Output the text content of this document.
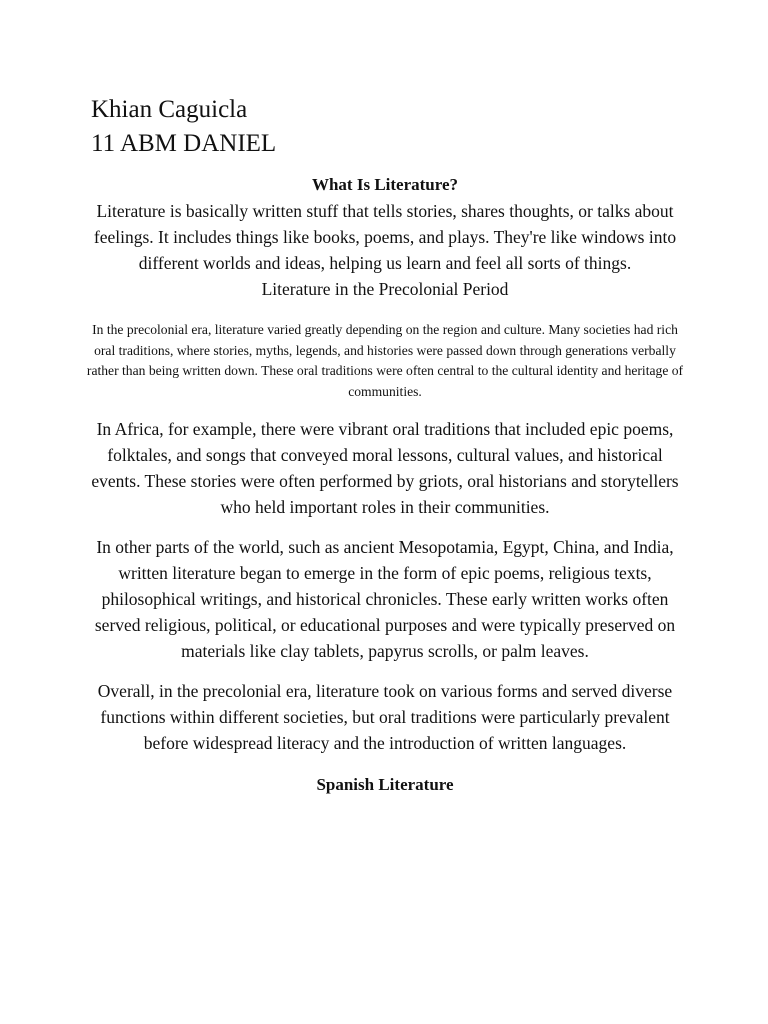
Khian Caguicla
11 ABM DANIEL

What Is Literature?

Literature is basically written stuff that tells stories, shares thoughts, or talks about feelings. It includes things like books, poems, and plays. They're like windows into different worlds and ideas, helping us learn and feel all sorts of things.

Literature in the Precolonial Period

In the precolonial era, literature varied greatly depending on the region and culture. Many societies had rich oral traditions, where stories, myths, legends, and histories were passed down through generations verbally rather than being written down. These oral traditions were often central to the cultural identity and heritage of communities.

In Africa, for example, there were vibrant oral traditions that included epic poems, folktales, and songs that conveyed moral lessons, cultural values, and historical events. These stories were often performed by griots, oral historians and storytellers who held important roles in their communities.

In other parts of the world, such as ancient Mesopotamia, Egypt, China, and India, written literature began to emerge in the form of epic poems, religious texts, philosophical writings, and historical chronicles. These early written works often served religious, political, or educational purposes and were typically preserved on materials like clay tablets, papyrus scrolls, or palm leaves.

Overall, in the precolonial era, literature took on various forms and served diverse functions within different societies, but oral traditions were particularly prevalent before widespread literacy and the introduction of written languages.

Spanish Literature
